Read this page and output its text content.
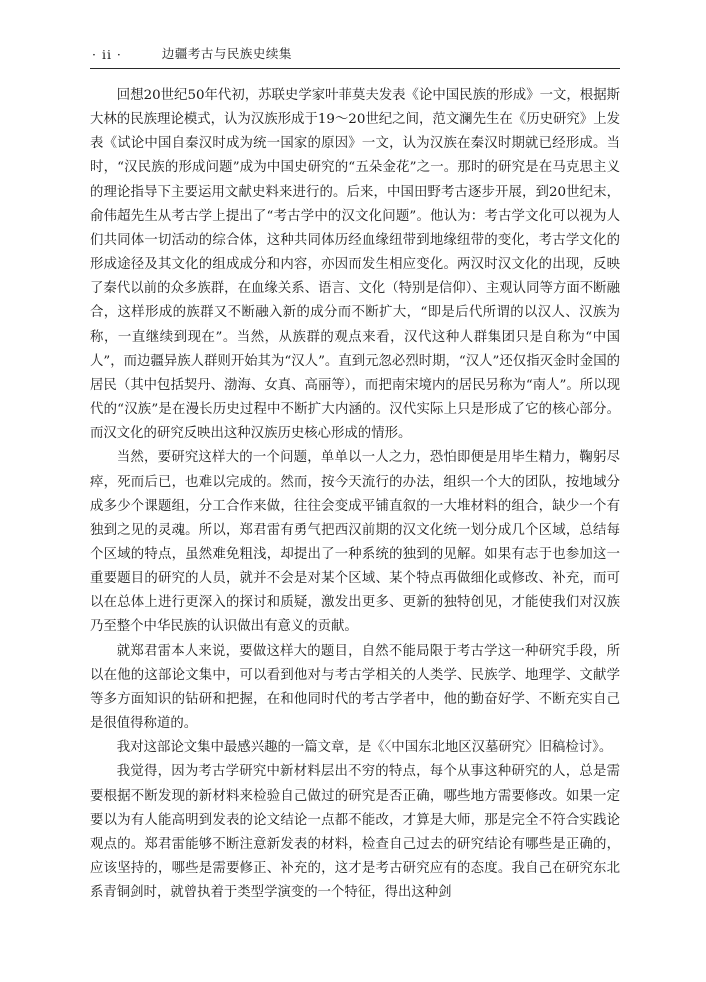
· ii ·	边疆考古与民族史续集

回想20世纪50年代初，苏联史学家叶菲莫夫发表《论中国民族的形成》一文，根据斯大林的民族理论模式，认为汉族形成于19～20世纪之间，范文澜先生在《历史研究》上发表《试论中国自秦汉时成为统一国家的原因》一文，认为汉族在秦汉时期就已经形成。当时，“汉民族的形成问题”成为中国史研究的“五朵金花”之一。那时的研究是在马克思主义的理论指导下主要运用文献史料来进行的。后来，中国田野考古逐步开展，到20世纪末，俞伟超先生从考古学上提出了“考古学中的汉文化问题”。他认为：考古学文化可以视为人们共同体一切活动的综合体，这种共同体历经血缘纽带到地缘纽带的变化，考古学文化的形成途径及其文化的组成成分和内容，亦因而发生相应变化。两汉时汉文化的出现，反映了秦代以前的众多族群，在血缘关系、语言、文化（特别是信仰）、主观认同等方面不断融合，这样形成的族群又不断融入新的成分而不断扩大，“即是后代所谓的以汉人、汉族为称，一直继续到现在”。当然，从族群的观点来看，汉代这种人群集团只是自称为“中国人”，而边疆异族人群则开始其为“汉人”。直到元忽必烈时期，“汉人”还仅指灭金时金国的居民（其中包括契丹、渤海、女真、高丽等），而把南宋境内的居民另称为“南人”。所以现代的“汉族”是在漫长历史过程中不断扩大内涵的。汉代实际上只是形成了它的核心部分。而汉文化的研究反映出这种汉族历史核心形成的情形。

当然，要研究这样大的一个问题，单单以一人之力，恐怕即便是用毕生精力，鞠躬尽瘁，死而后已，也难以完成的。然而，按今天流行的办法，组织一个大的团队，按地域分成多少个课题组，分工合作来做，往往会变成平铺直叙的一大堆材料的组合，缺少一个有独到之见的灵魂。所以，郑君雷有勇气把西汉前期的汉文化统一划分成几个区域，总结每个区域的特点，虽然难免粗浅，却提出了一种系统的独到的见解。如果有志于也参加这一重要题目的研究的人员，就并不会是对某个区域、某个特点再做细化或修改、补充，而可以在总体上进行更深入的探讨和质疑，激发出更多、更新的独特创见，才能使我们对汉族乃至整个中华民族的认识做出有意义的贡献。

就郑君雷本人来说，要做这样大的题目，自然不能局限于考古学这一种研究手段，所以在他的这部论文集中，可以看到他对与考古学相关的人类学、民族学、地理学、文献学等多方面知识的钻研和把握，在和他同时代的考古学者中，他的勤奋好学、不断充实自己是很值得称道的。

我对这部论文集中最感兴趣的一篇文章，是《〈中国东北地区汉墓研究〉旧稿检讨》。

我觉得，因为考古学研究中新材料层出不穷的特点，每个从事这种研究的人，总是需要根据不断发现的新材料来检验自己做过的研究是否正确，哪些地方需要修改。如果一定要以为有人能高明到发表的论文结论一点都不能改，才算是大师，那是完全不符合实践论观点的。郑君雷能够不断注意新发表的材料，检查自己过去的研究结论有哪些是正确的，应该坚持的，哪些是需要修正、补充的，这才是考古研究应有的态度。我自己在研究东北系青铜剑时，就曾执着于类型学演变的一个特征，得出这种剑
